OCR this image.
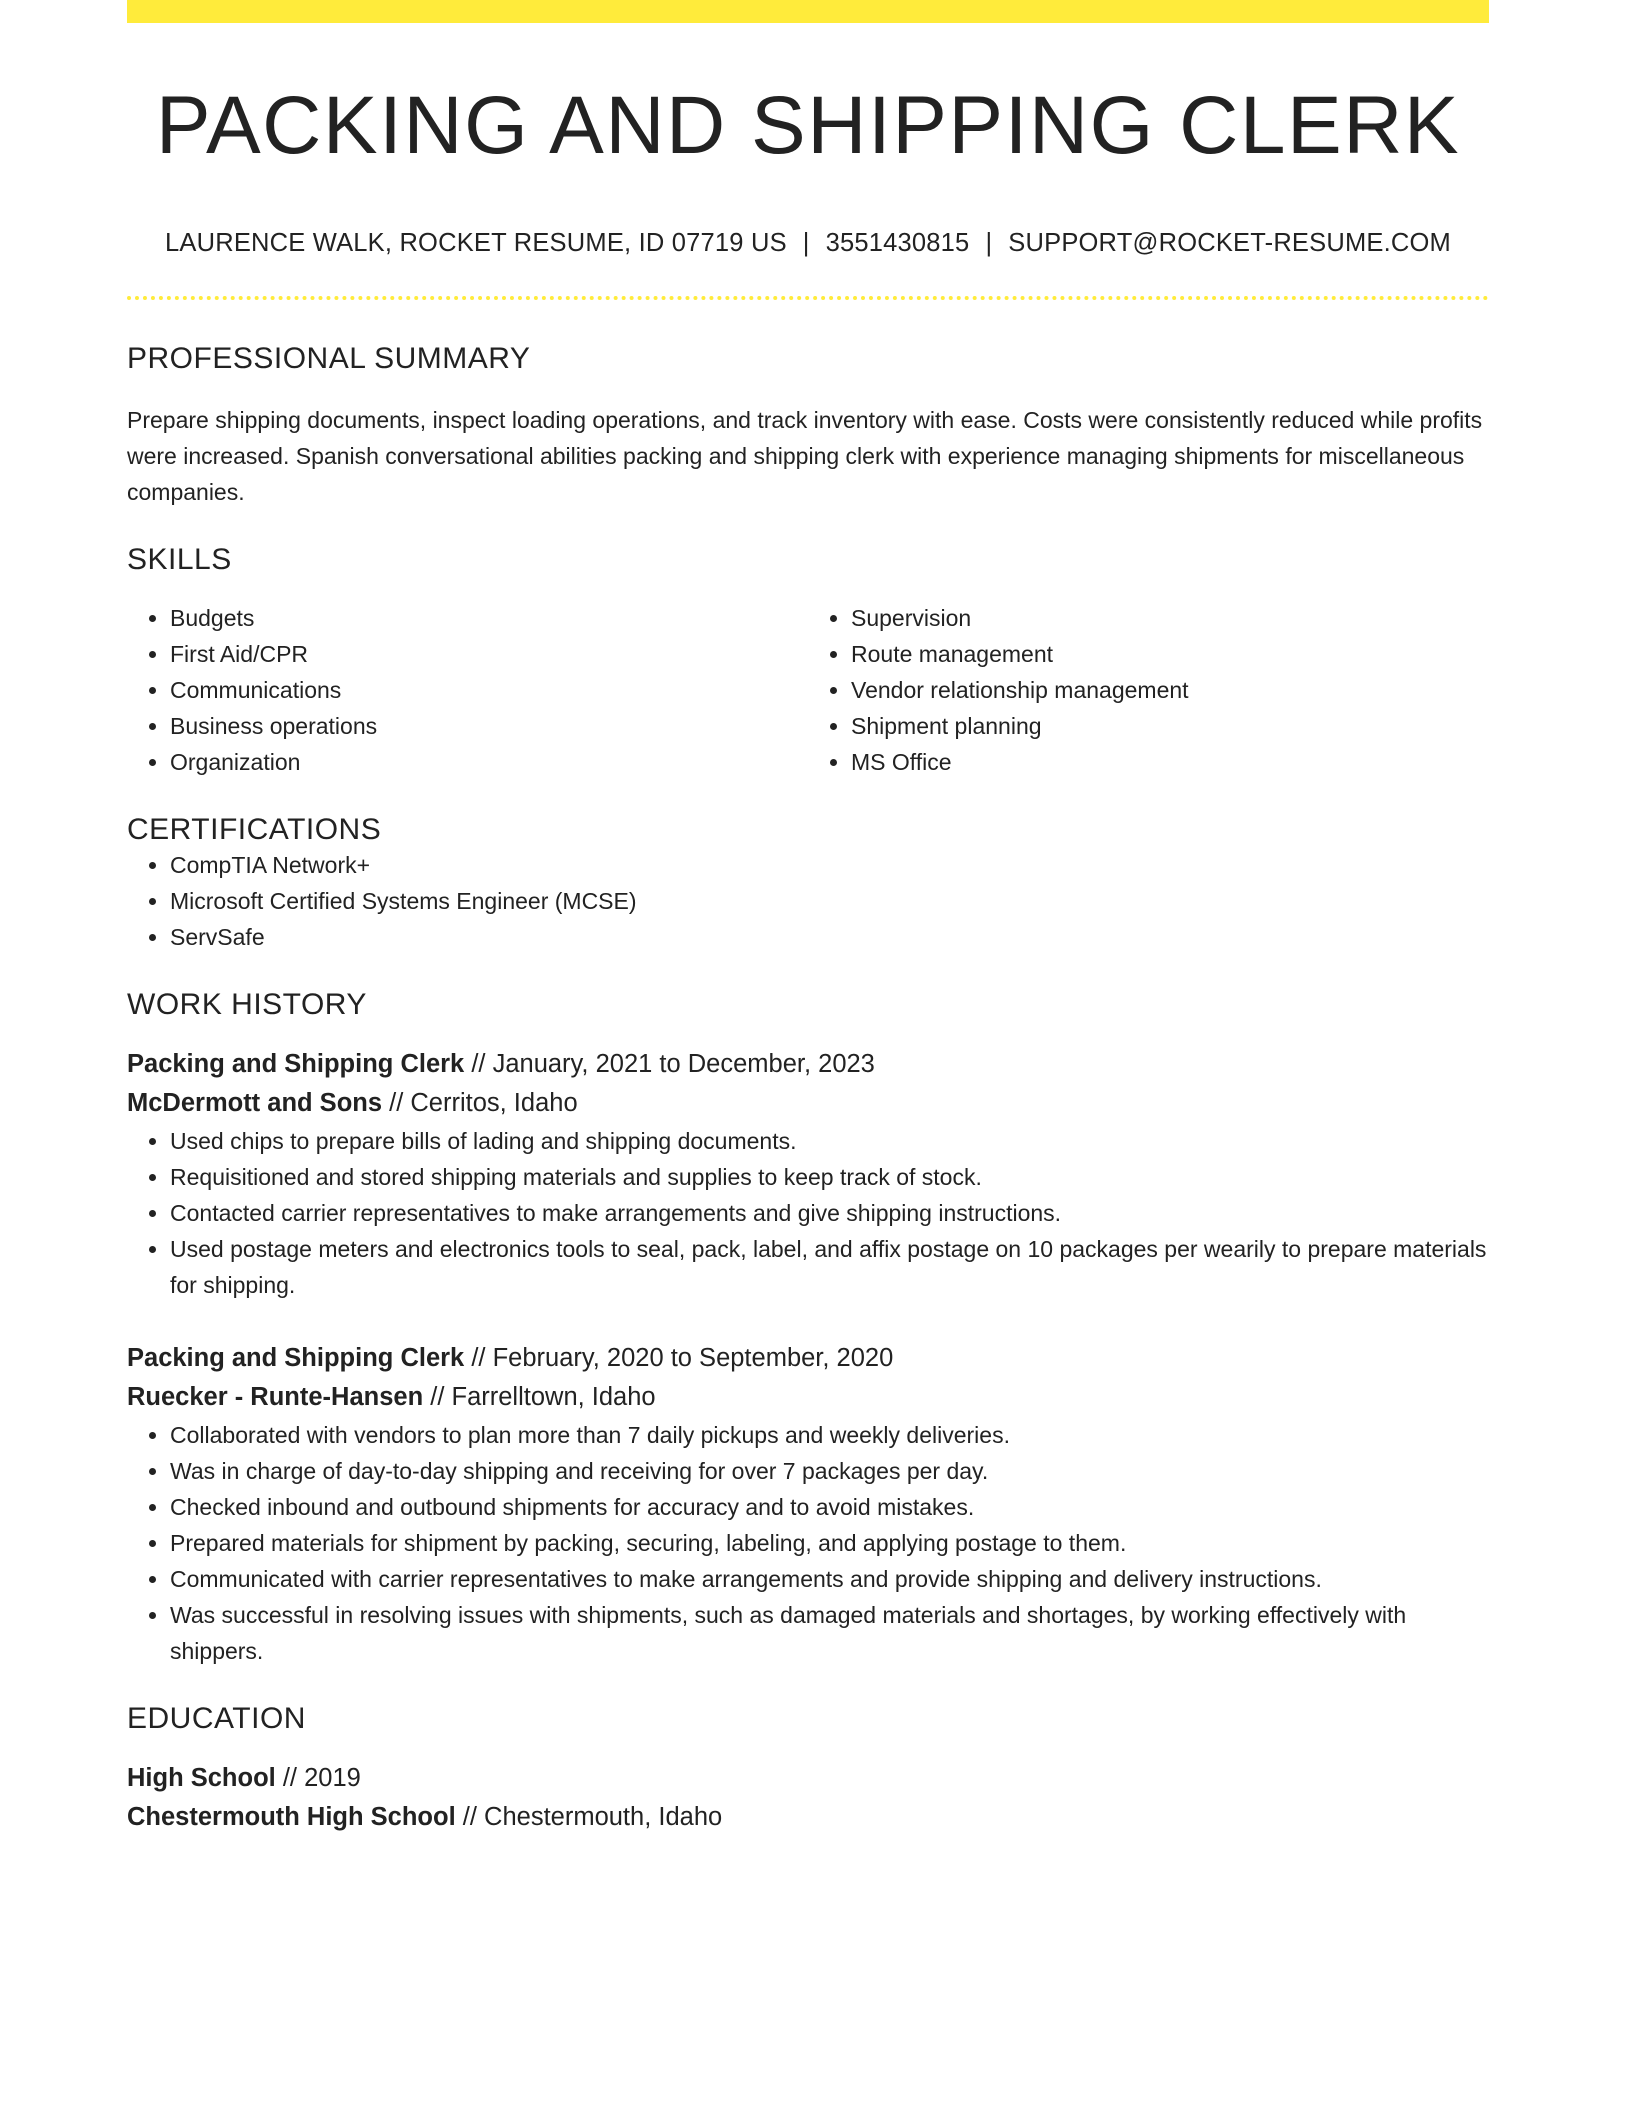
PACKING AND SHIPPING CLERK
LAURENCE WALK, ROCKET RESUME, ID 07719 US | 3551430815 | SUPPORT@ROCKET-RESUME.COM
PROFESSIONAL SUMMARY

Prepare shipping documents, inspect loading operations, and track inventory with ease. Costs were consistently reduced while profits were increased. Spanish conversational abilities packing and shipping clerk with experience managing shipments for miscellaneous companies.

SKILLS
• Budgets
• First Aid/CPR
• Communications
• Business operations
• Organization
• Supervision
• Route management
• Vendor relationship management
• Shipment planning
• MS Office
CERTIFICATIONS
• CompTIA Network+
• Microsoft Certified Systems Engineer (MCSE)
• ServSafe
WORK HISTORY
Packing and Shipping Clerk // January, 2021 to December, 2023
McDermott and Sons // Cerritos, Idaho
• Used chips to prepare bills of lading and shipping documents.
• Requisitioned and stored shipping materials and supplies to keep track of stock.
• Contacted carrier representatives to make arrangements and give shipping instructions.
• Used postage meters and electronics tools to seal, pack, label, and affix postage on 10 packages per wearily to prepare materials for shipping.
Packing and Shipping Clerk // February, 2020 to September, 2020
Ruecker - Runte-Hansen // Farrelltown, Idaho
• Collaborated with vendors to plan more than 7 daily pickups and weekly deliveries.
• Was in charge of day-to-day shipping and receiving for over 7 packages per day.
• Checked inbound and outbound shipments for accuracy and to avoid mistakes.
• Prepared materials for shipment by packing, securing, labeling, and applying postage to them.
• Communicated with carrier representatives to make arrangements and provide shipping and delivery instructions.
• Was successful in resolving issues with shipments, such as damaged materials and shortages, by working effectively with shippers.
EDUCATION
High School // 2019
Chestermouth High School // Chestermouth, Idaho
